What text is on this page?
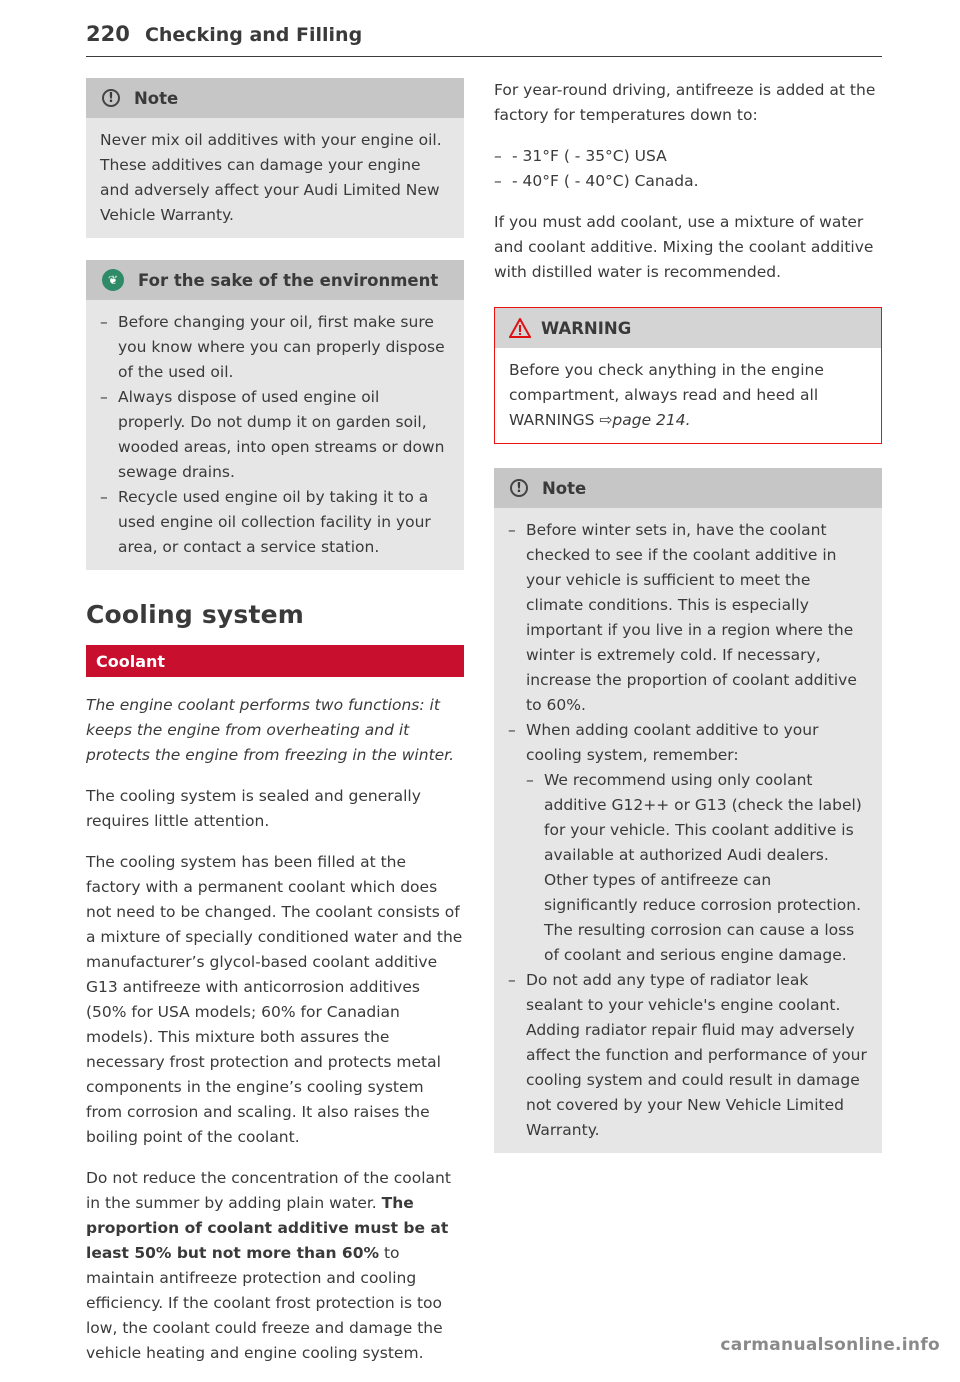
220 Checking and Filling
!	Note

Never mix oil additives with your engine oil. These additives can damage your engine and adversely affect your Audi Limited New Vehicle Warranty.

❦	For the sake of the environment
– Before changing your oil, first make sure you know where you can properly dispose of the used oil.
– Always dispose of used engine oil properly. Do not dump it on garden soil, wooded areas, into open streams or down sewage drains.
– Recycle used engine oil by taking it to a used engine oil collection facility in your area, or contact a service station.
Cooling system
Coolant

The engine coolant performs two functions: it keeps the engine from overheating and it protects the engine from freezing in the winter.

The cooling system is sealed and generally requires little attention.

The cooling system has been filled at the factory with a permanent coolant which does not need to be changed. The coolant consists of a mixture of specially conditioned water and the manufacturer’s glycol-based coolant additive G13 antifreeze with anticorrosion additives (50% for USA models; 60% for Canadian models). This mixture both assures the necessary frost protection and protects metal components in the engine’s cooling system from corrosion and scaling. It also raises the boiling point of the coolant.

Do not reduce the concentration of the coolant in the summer by adding plain water. The proportion of coolant additive must be at least 50% but not more than 60% to maintain antifreeze protection and cooling efficiency. If the coolant frost protection is too low, the coolant could freeze and damage the vehicle heating and engine cooling system.

For year-round driving, antifreeze is added at the factory for temperatures down to:

– - 31°F ( - 35°C) USA
– - 40°F ( - 40°C) Canada.

If you must add coolant, use a mixture of water and coolant additive. Mixing the coolant additive with distilled water is recommended.

WARNING

Before you check anything in the engine compartment, always read and heed all WARNINGS ⇨page 214.

!	Note
– Before winter sets in, have the coolant checked to see if the coolant additive in your vehicle is sufficient to meet the climate conditions. This is especially important if you live in a region where the winter is extremely cold. If necessary, increase the proportion of coolant additive to 60%.
– When adding coolant additive to your cooling system, remember:
– We recommend using only coolant additive G12++ or G13 (check the label) for your vehicle. This coolant additive is available at authorized Audi dealers. Other types of antifreeze can significantly reduce corrosion protection. The resulting corrosion can cause a loss of coolant and serious engine damage.
– Do not add any type of radiator leak sealant to your vehicle's engine coolant. Adding radiator repair fluid may adversely affect the function and performance of your cooling system and could result in damage not covered by your New Vehicle Limited Warranty.
carmanualsonline.info
